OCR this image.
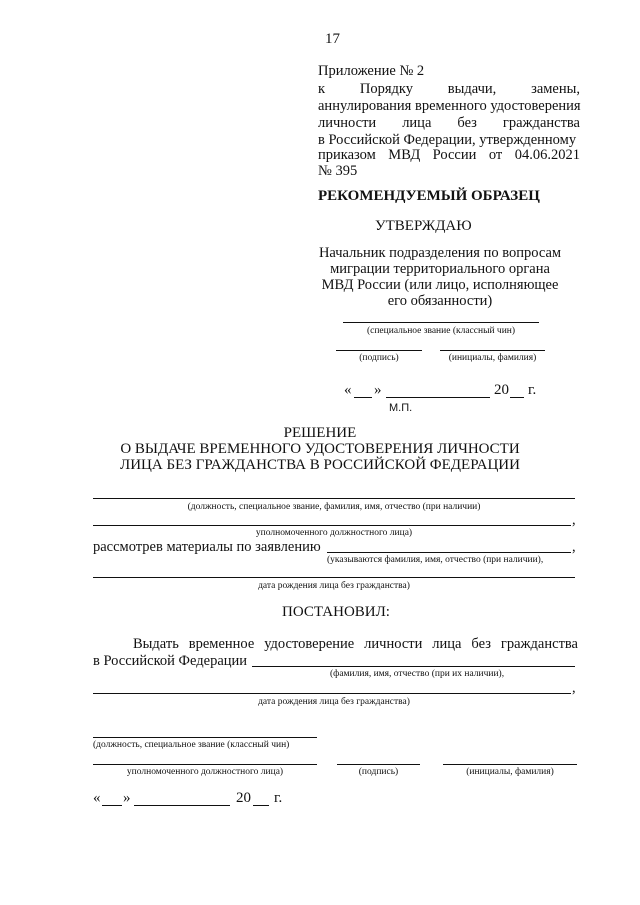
17
Приложение № 2
к Порядку выдачи, замены,
аннулирования временного удостоверения
личности лица без гражданства
в Российской Федерации, утвержденному
приказом МВД России от 04.06.2021
№ 395
РЕКОМЕНДУЕМЫЙ ОБРАЗЕЦ
УТВЕРЖДАЮ
Начальник подразделения по вопросам
миграции территориального органа
МВД России (или лицо, исполняющее
его обязанности)
(специальное звание (классный чин)
(подпись)	(инициалы, фамилия)
« »	20 г.
М.П.
РЕШЕНИЕ
О ВЫДАЧЕ ВРЕМЕННОГО УДОСТОВЕРЕНИЯ ЛИЧНОСТИ
ЛИЦА БЕЗ ГРАЖДАНСТВА В РОССИЙСКОЙ ФЕДЕРАЦИИ
(должность, специальное звание, фамилия, имя, отчество (при наличии)
,
уполномоченного должностного лица)
рассмотрев материалы по заявлению	,
(указываются фамилия, имя, отчество (при наличии),
дата рождения лица без гражданства)
ПОСТАНОВИЛ:
Выдать временное удостоверение личности лица без гражданства
в Российской Федерации
(фамилия, имя, отчество (при их наличии),
,
дата рождения лица без гражданства)
(должность, специальное звание (классный чин)
уполномоченного должностного лица)	(подпись)	(инициалы, фамилия)
« »	20 г.
